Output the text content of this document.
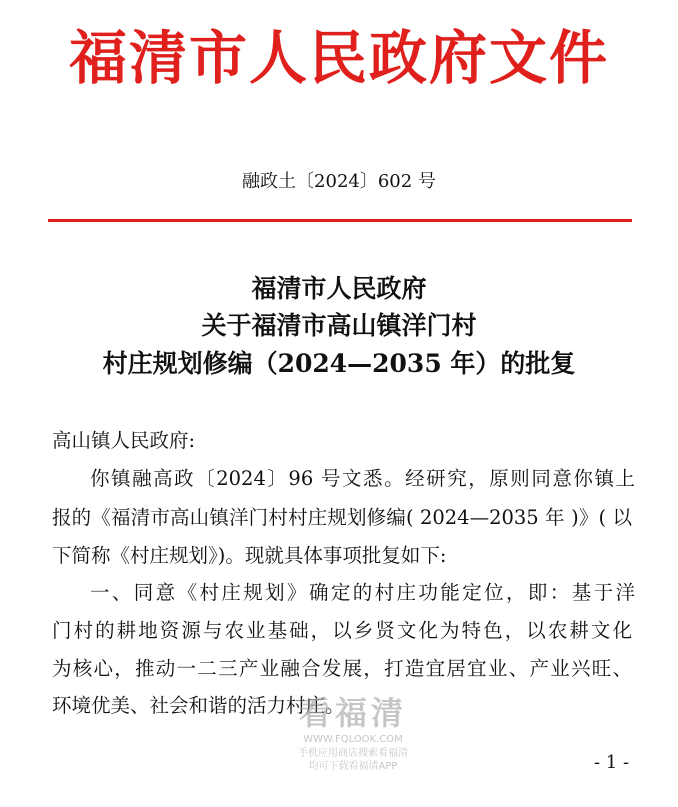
福清市人民政府文件
融政土〔2024〕602 号
福清市人民政府
关于福清市高山镇洋门村
村庄规划修编（2024—2035 年）的批复
高山镇人民政府:
你镇融高政〔2024〕96 号文悉。经研究，原则同意你镇上
报的《福清市高山镇洋门村村庄规划修编( 2024—2035 年 )》( 以
下简称《村庄规划》)。现就具体事项批复如下:
一、同意《村庄规划》确定的村庄功能定位，即：基于洋
门村的耕地资源与农业基础，以乡贤文化为特色，以农耕文化
为核心，推动一二三产业融合发展，打造宜居宜业、产业兴旺、
环境优美、社会和谐的活力村庄。
- 1 -
看福清
WWW.FQLOOK.COM
手机应用商店搜索看福清
均可下载看福清APP
